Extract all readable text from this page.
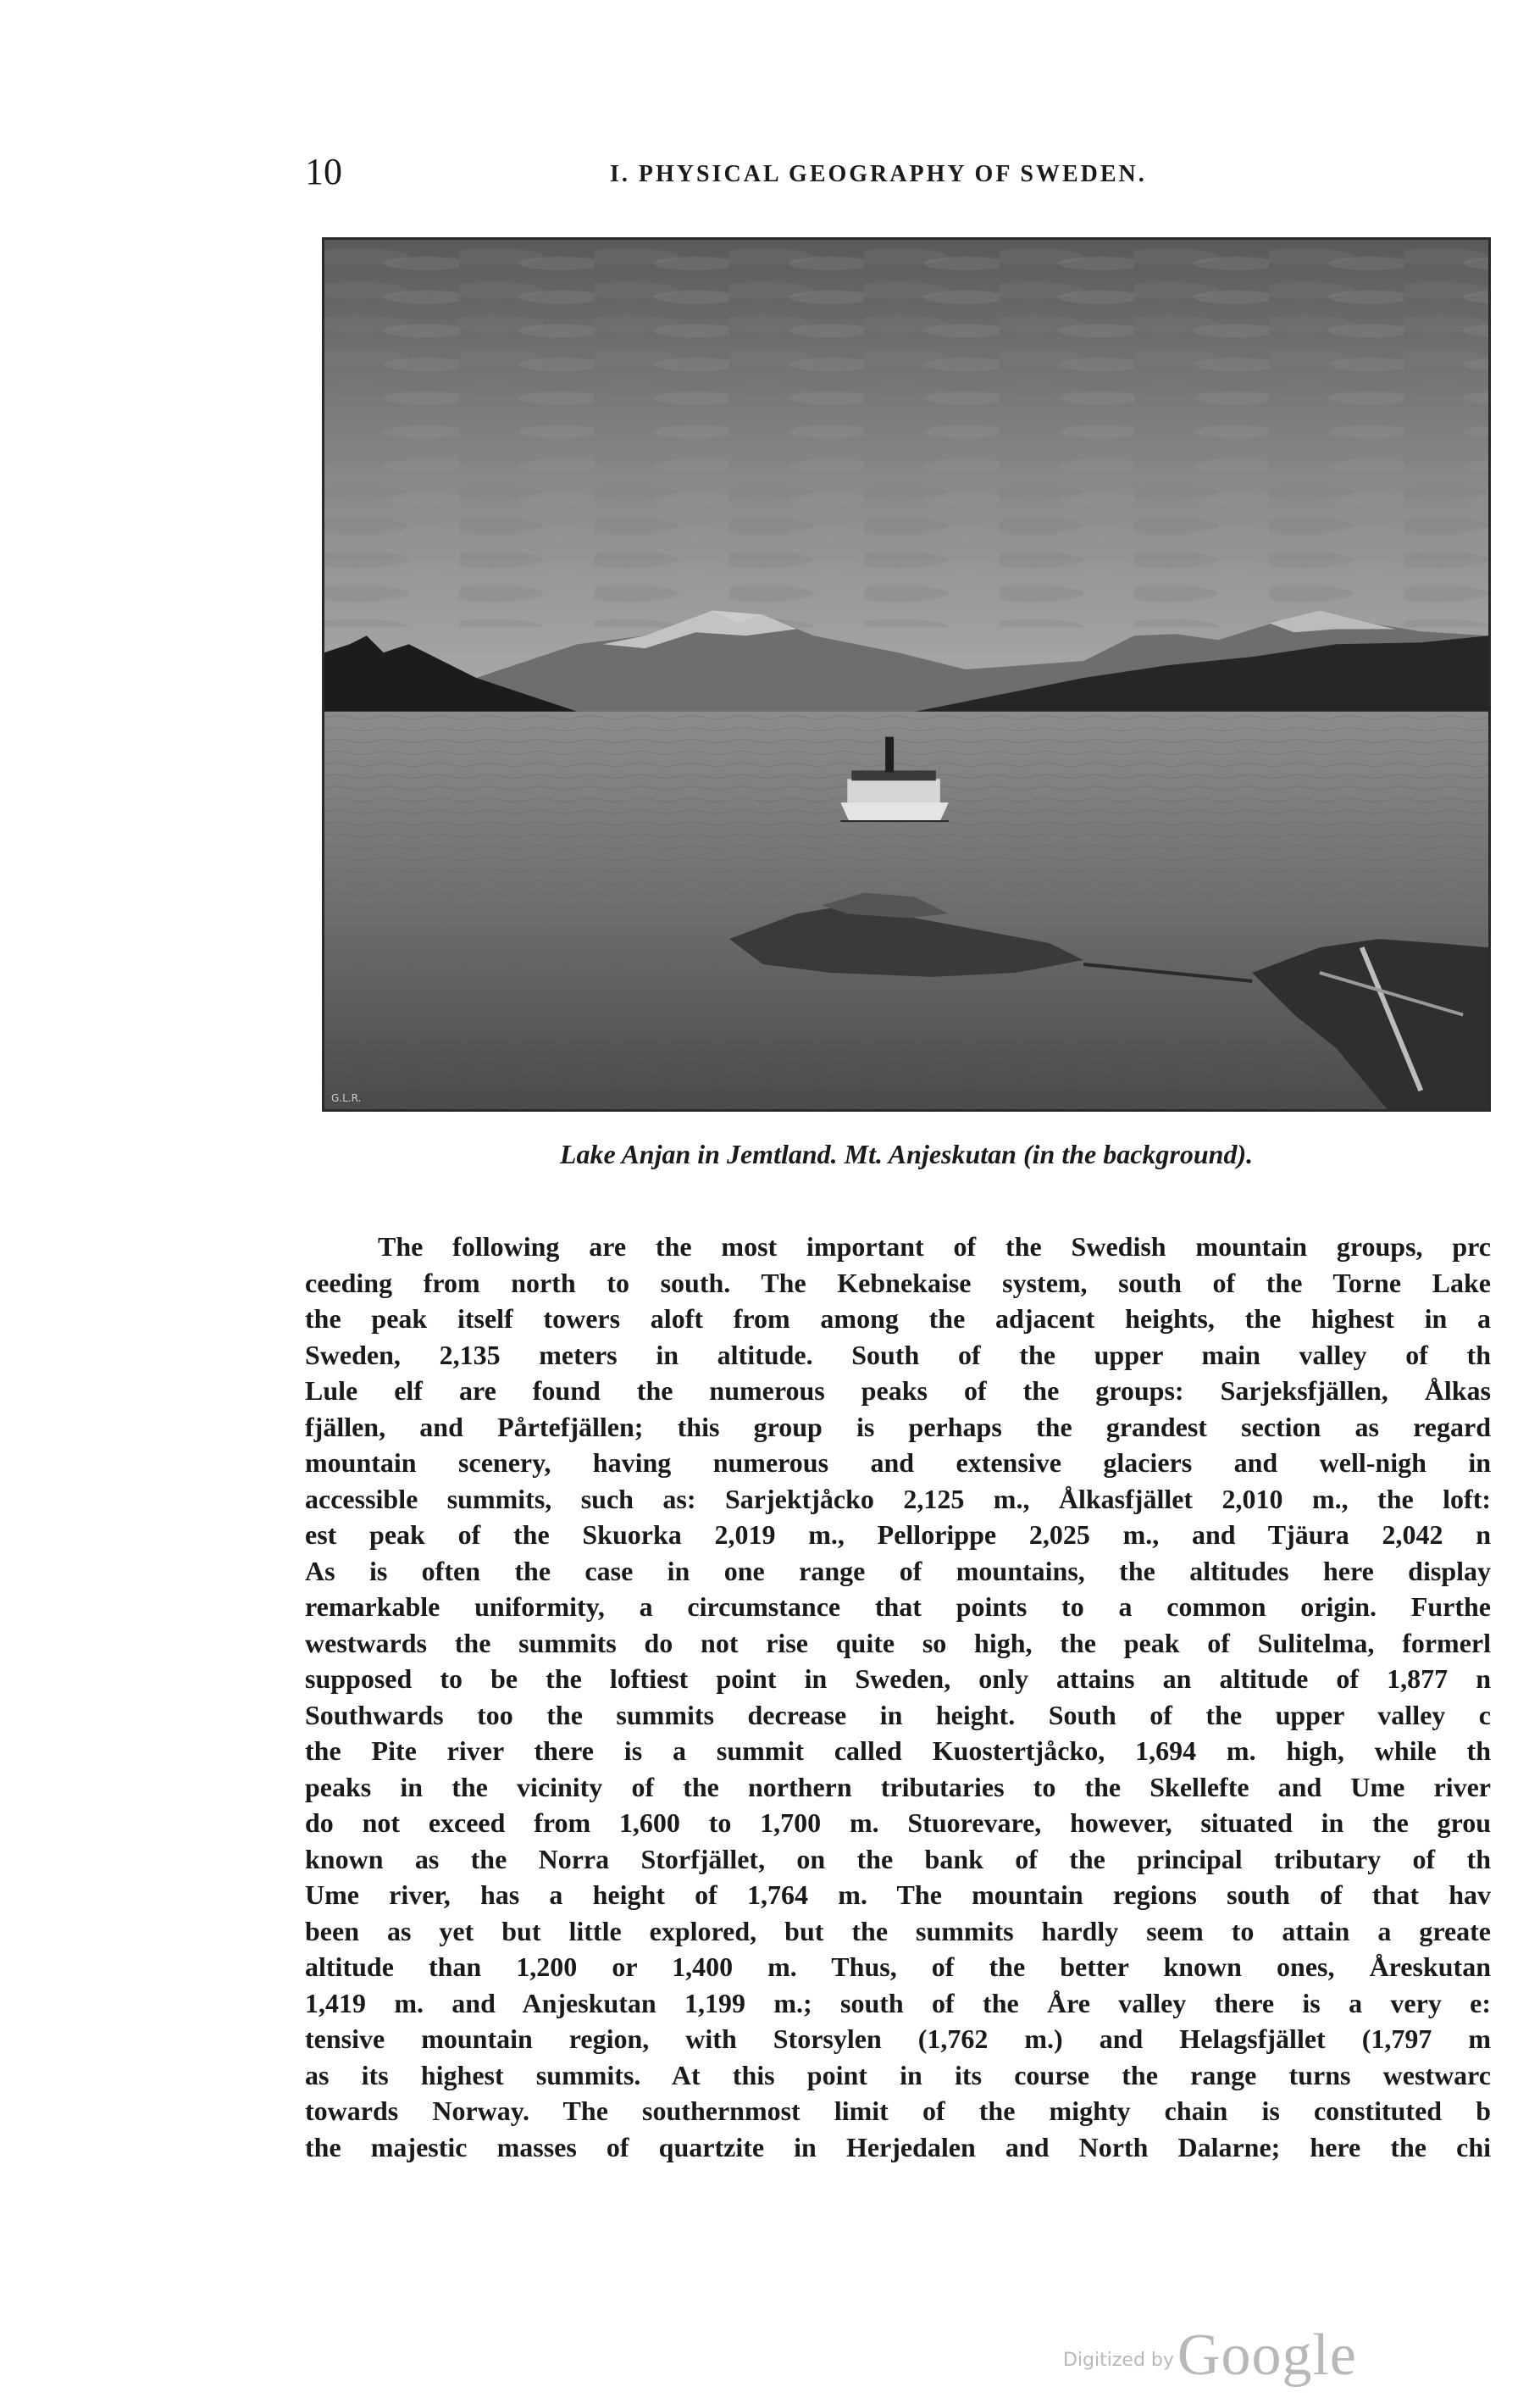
10	I. PHYSICAL GEOGRAPHY OF SWEDEN.
G.L.R.
Lake Anjan in Jemtland. Mt. Anjeskutan (in the background).
The following are the most important of the Swedish mountain groups, prc
ceeding from north to south. The Kebnekaise system, south of the Torne Lake
the peak itself towers aloft from among the adjacent heights, the highest in a
Sweden, 2,135 meters in altitude. South of the upper main valley of th
Lule elf are found the numerous peaks of the groups: Sarjeksfjällen, Ålkas
fjällen, and Pårtefjällen; this group is perhaps the grandest section as regard
mountain scenery, having numerous and extensive glaciers and well-nigh in
accessible summits, such as: Sarjektjåcko 2,125 m., Ålkasfjället 2,010 m., the loft:
est peak of the Skuorka 2,019 m., Pellorippe 2,025 m., and Tjäura 2,042 n
As is often the case in one range of mountains, the altitudes here display
remarkable uniformity, a circumstance that points to a common origin. Furthe
westwards the summits do not rise quite so high, the peak of Sulitelma, formerl
supposed to be the loftiest point in Sweden, only attains an altitude of 1,877 n
Southwards too the summits decrease in height. South of the upper valley c
the Pite river there is a summit called Kuostertjåcko, 1,694 m. high, while th
peaks in the vicinity of the northern tributaries to the Skellefte and Ume river
do not exceed from 1,600 to 1,700 m. Stuorevare, however, situated in the grou
known as the Norra Storfjället, on the bank of the principal tributary of th
Ume river, has a height of 1,764 m. The mountain regions south of that hav
been as yet but little explored, but the summits hardly seem to attain a greate
altitude than 1,200 or 1,400 m. Thus, of the better known ones, Åreskutan
1,419 m. and Anjeskutan 1,199 m.; south of the Åre valley there is a very e:
tensive mountain region, with Storsylen (1,762 m.) and Helagsfjället (1,797 m
as its highest summits. At this point in its course the range turns westwarc
towards Norway. The southernmost limit of the mighty chain is constituted b
the majestic masses of quartzite in Herjedalen and North Dalarne; here the chi
Digitized by Google
